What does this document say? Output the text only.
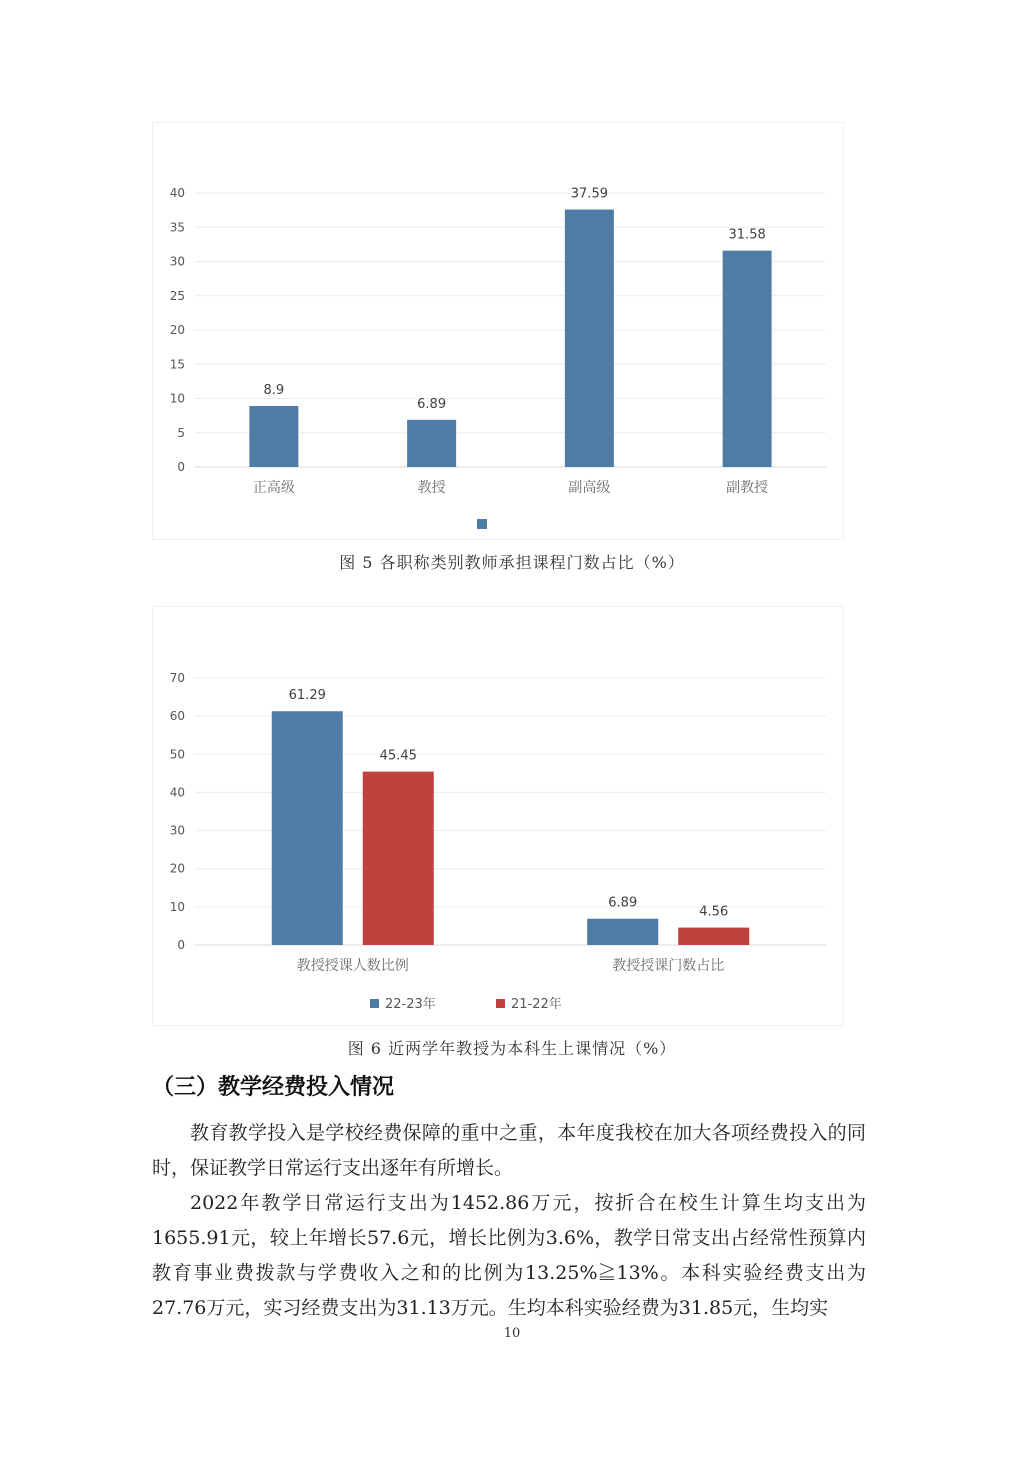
0
5
10
15
20
25
30
35
40
8.9
正高级
6.89
教授
37.59
副高级
31.58
副教授
图 5 各职称类别教师承担课程门数占比（%）
0
10
20
30
40
50
60
70
61.29
45.45
教授授课人数比例
6.89
4.56
教授授课门数占比
22-23年	21-22年
图 6 近两学年教授为本科生上课情况（%）
（三）教学经费投入情况
教育教学投入是学校经费保障的重中之重，本年度我校在加大各项经费投入的同时，保证教学日常运行支出逐年有所增长。
2022年教学日常运行支出为1452.86万元，按折合在校生计算生均支出为1655.91元，较上年增长57.6元，增长比例为3.6%，教学日常支出占经常性预算内教育事业费拨款与学费收入之和的比例为13.25%≧13%。本科实验经费支出为27.76万元，实习经费支出为31.13万元。生均本科实验经费为31.85元，生均实
10
